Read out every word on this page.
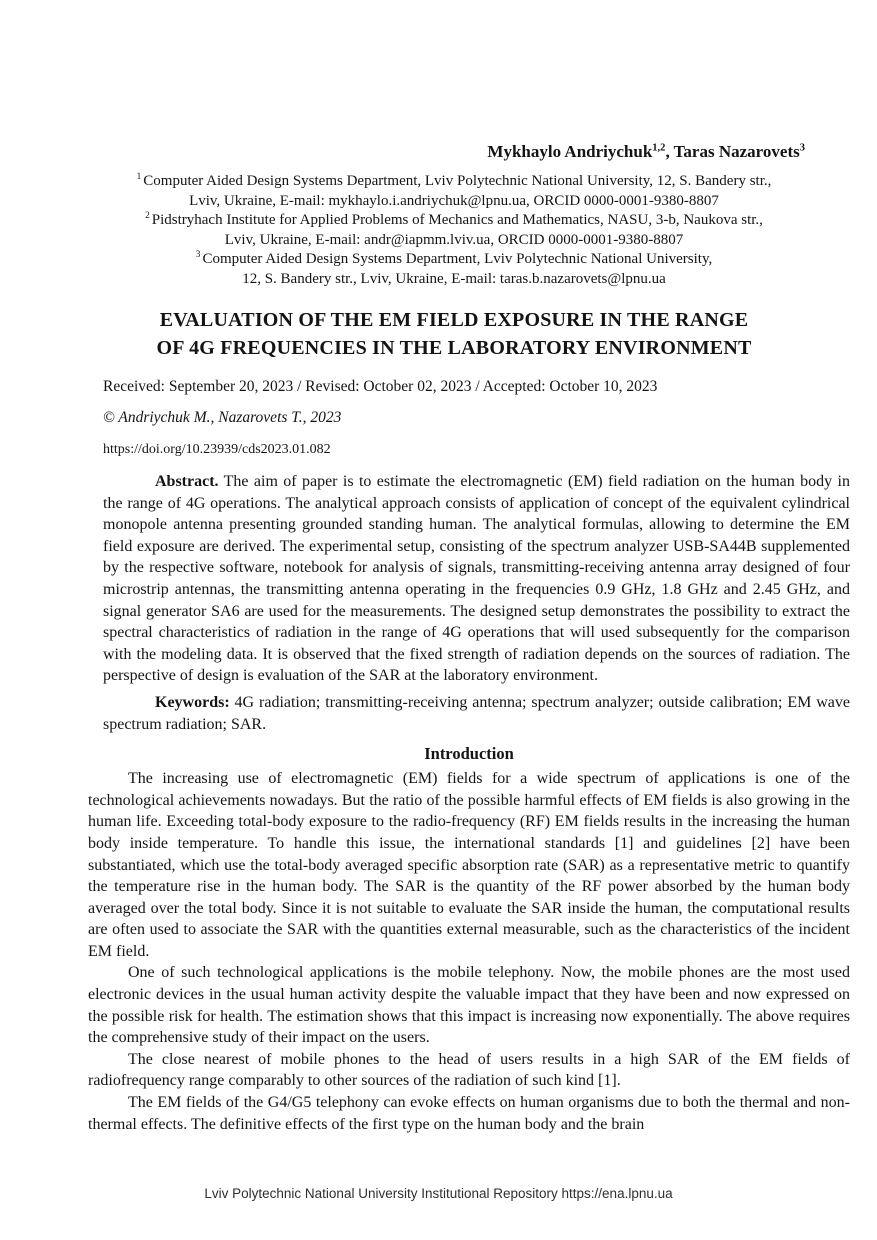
Mykhaylo Andriychuk$^{1,2}$, Taras Nazarovets$^3$
$^1$ Computer Aided Design Systems Department, Lviv Polytechnic National University, 12, S. Bandery str.,
Lviv, Ukraine, E-mail: mykhaylo.i.andriychuk@lpnu.ua, ORCID 0000-0001-9380-8807
$^2$ Pidstryhach Institute for Applied Problems of Mechanics and Mathematics, NASU, 3-b, Naukova str.,
Lviv, Ukraine, E-mail: andr@iapmm.lviv.ua, ORCID 0000-0001-9380-8807
$^3$ Computer Aided Design Systems Department, Lviv Polytechnic National University,
12, S. Bandery str., Lviv, Ukraine, E-mail: taras.b.nazarovets@lpnu.ua
EVALUATION OF THE EM FIELD EXPOSURE IN THE RANGE
OF 4G FREQUENCIES IN THE LABORATORY ENVIRONMENT
Received: September 20, 2023 / Revised: October 02, 2023 / Accepted: October 10, 2023
© Andriychuk M., Nazarovets T., 2023
https://doi.org/10.23939/cds2023.01.082

Abstract. The aim of paper is to estimate the electromagnetic (EM) field radiation on the human body in the range of 4G operations. The analytical approach consists of application of concept of the equivalent cylindrical monopole antenna presenting grounded standing human. The analytical formulas, allowing to determine the EM field exposure are derived. The experimental setup, consisting of the spectrum analyzer USB-SA44B supplemented by the respective software, notebook for analysis of signals, transmitting-receiving antenna array designed of four microstrip antennas, the transmitting antenna operating in the frequencies 0.9 GHz, 1.8 GHz and 2.45 GHz, and signal generator SA6 are used for the measurements. The designed setup demonstrates the possibility to extract the spectral characteristics of radiation in the range of 4G operations that will used subsequently for the comparison with the modeling data. It is observed that the fixed strength of radiation depends on the sources of radiation. The perspective of design is evaluation of the SAR at the laboratory environment.

Keywords: 4G radiation; transmitting-receiving antenna; spectrum analyzer; outside calibration; EM wave spectrum radiation; SAR.

Introduction

The increasing use of electromagnetic (EM) fields for a wide spectrum of applications is one of the technological achievements nowadays. But the ratio of the possible harmful effects of EM fields is also growing in the human life. Exceeding total-body exposure to the radio-frequency (RF) EM fields results in the increasing the human body inside temperature. To handle this issue, the international standards [1] and guidelines [2] have been substantiated, which use the total-body averaged specific absorption rate (SAR) as a representative metric to quantify the temperature rise in the human body. The SAR is the quantity of the RF power absorbed by the human body averaged over the total body. Since it is not suitable to evaluate the SAR inside the human, the computational results are often used to associate the SAR with the quantities external measurable, such as the characteristics of the incident EM field.

One of such technological applications is the mobile telephony. Now, the mobile phones are the most used electronic devices in the usual human activity despite the valuable impact that they have been and now expressed on the possible risk for health. The estimation shows that this impact is increasing now exponentially. The above requires the comprehensive study of their impact on the users.

The close nearest of mobile phones to the head of users results in a high SAR of the EM fields of radiofrequency range comparably to other sources of the radiation of such kind [1].

The EM fields of the G4/G5 telephony can evoke effects on human organisms due to both the thermal and non-thermal effects. The definitive effects of the first type on the human body and the brain

Lviv Polytechnic National University Institutional Repository https://ena.lpnu.ua
